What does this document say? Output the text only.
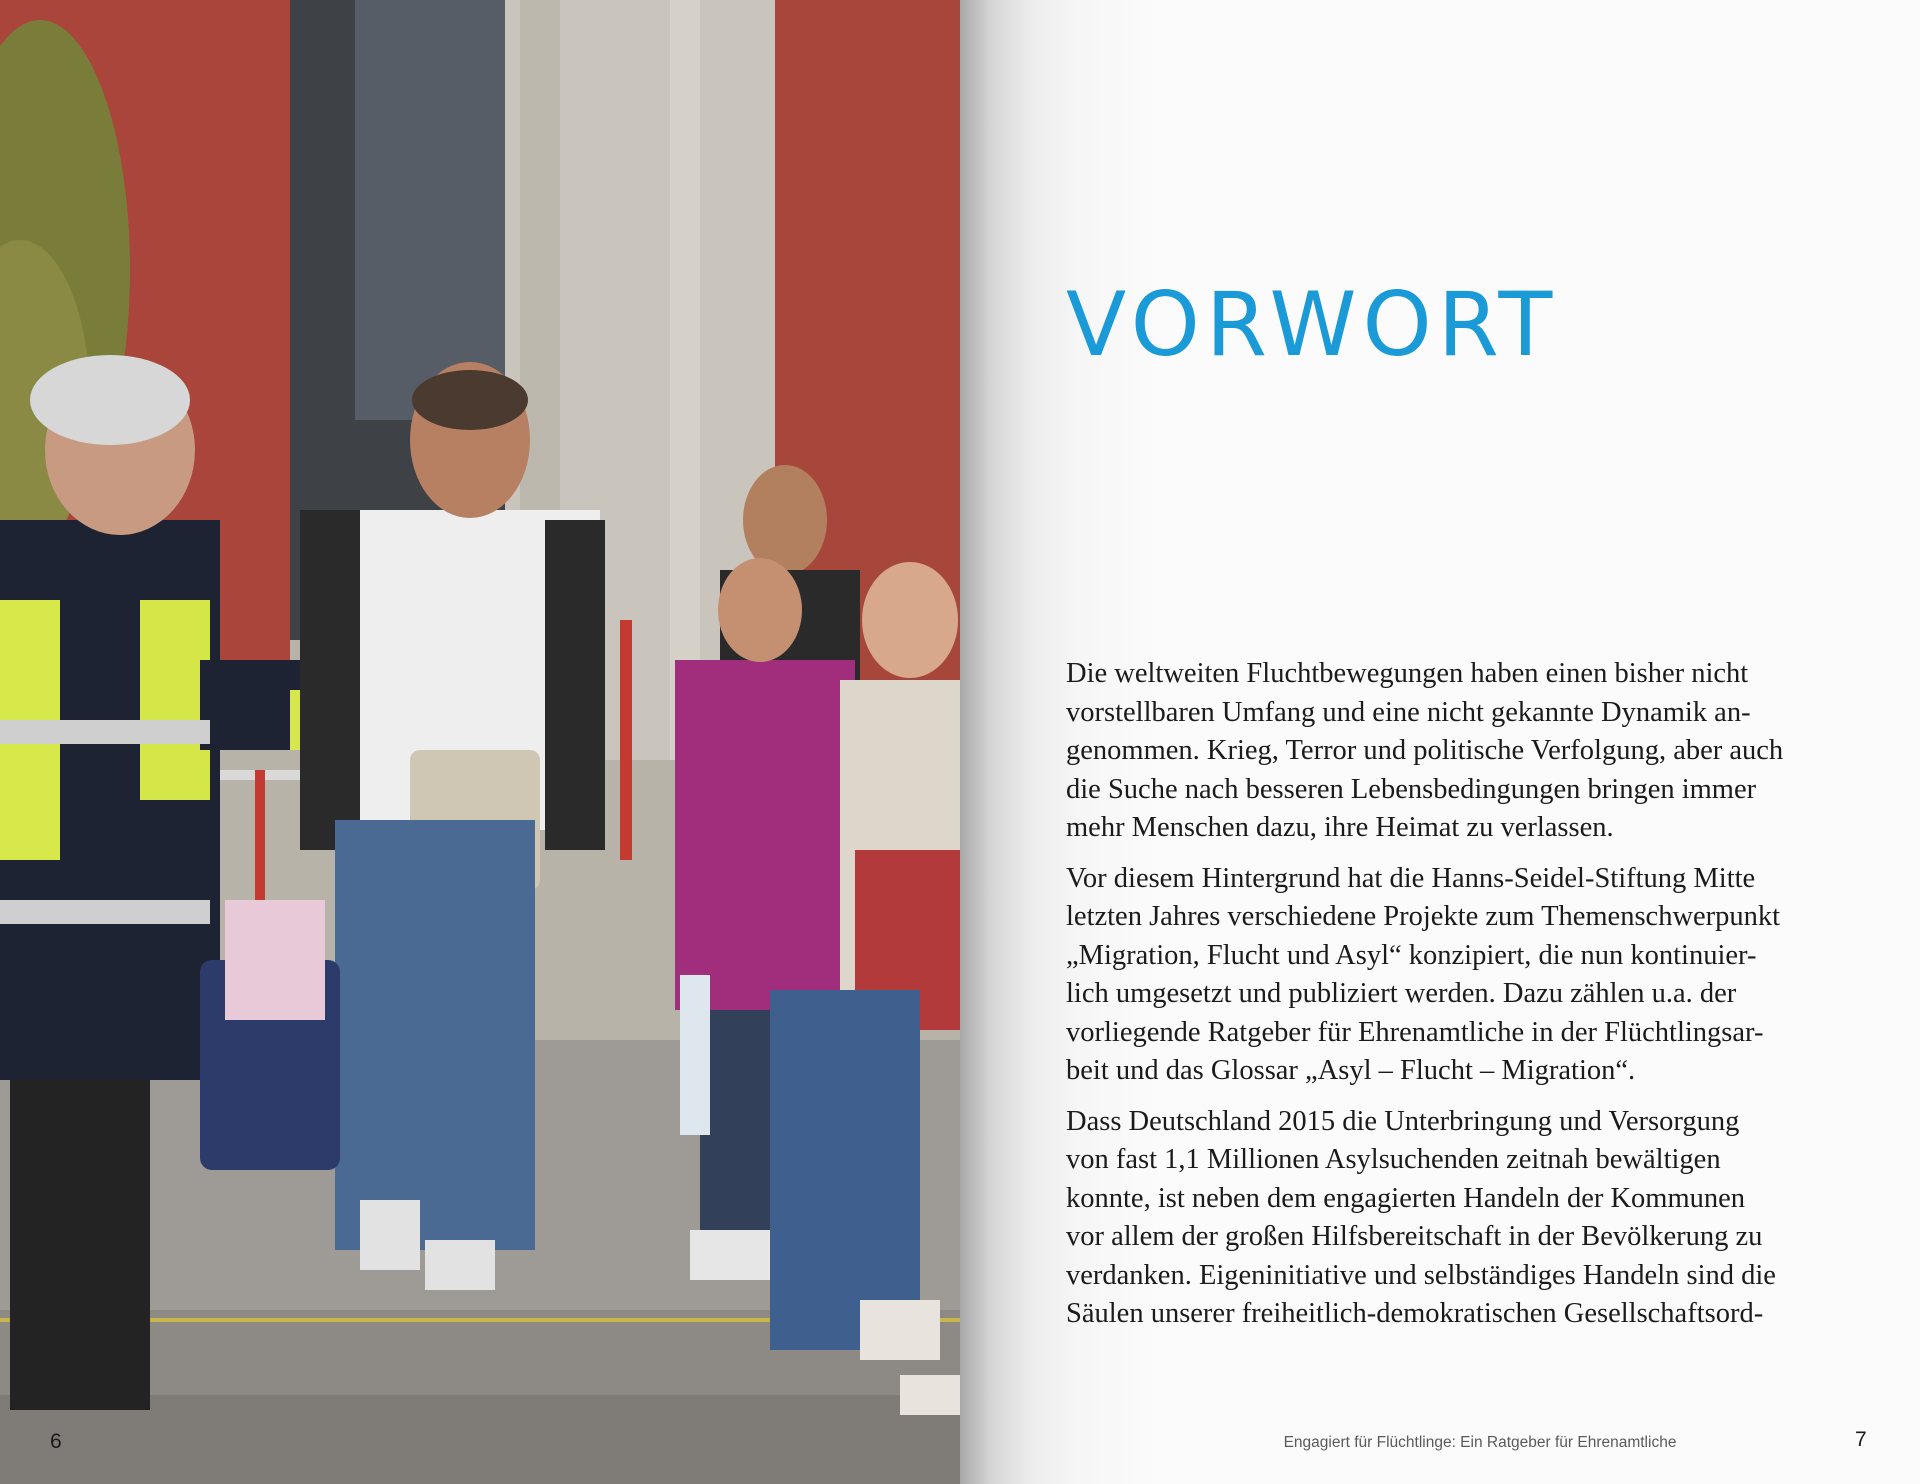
6
VORWORT

Die weltweiten Fluchtbewegungen haben einen bisher nicht
vorstellbaren Umfang und eine nicht gekannte Dynamik an-
genommen. Krieg, Terror und politische Verfolgung, aber auch
die Suche nach besseren Lebensbedingungen bringen immer
mehr Menschen dazu, ihre Heimat zu verlassen.

Vor diesem Hintergrund hat die Hanns-Seidel-Stiftung Mitte
letzten Jahres verschiedene Projekte zum Themenschwerpunkt
„Migration, Flucht und Asyl“ konzipiert, die nun kontinuier-
lich umgesetzt und publiziert werden. Dazu zählen u.a. der
vorliegende Ratgeber für Ehrenamtliche in der Flüchtlingsar-
beit und das Glossar „Asyl – Flucht – Migration“.

Dass Deutschland 2015 die Unterbringung und Versorgung
von fast 1,1 Millionen Asylsuchenden zeitnah bewältigen
konnte, ist neben dem engagierten Handeln der Kommunen
vor allem der großen Hilfsbereitschaft in der Bevölkerung zu
verdanken. Eigeninitiative und selbständiges Handeln sind die
Säulen unserer freiheitlich-demokratischen Gesellschaftsord-

Engagiert für Flüchtlinge: Ein Ratgeber für Ehrenamtliche	7
